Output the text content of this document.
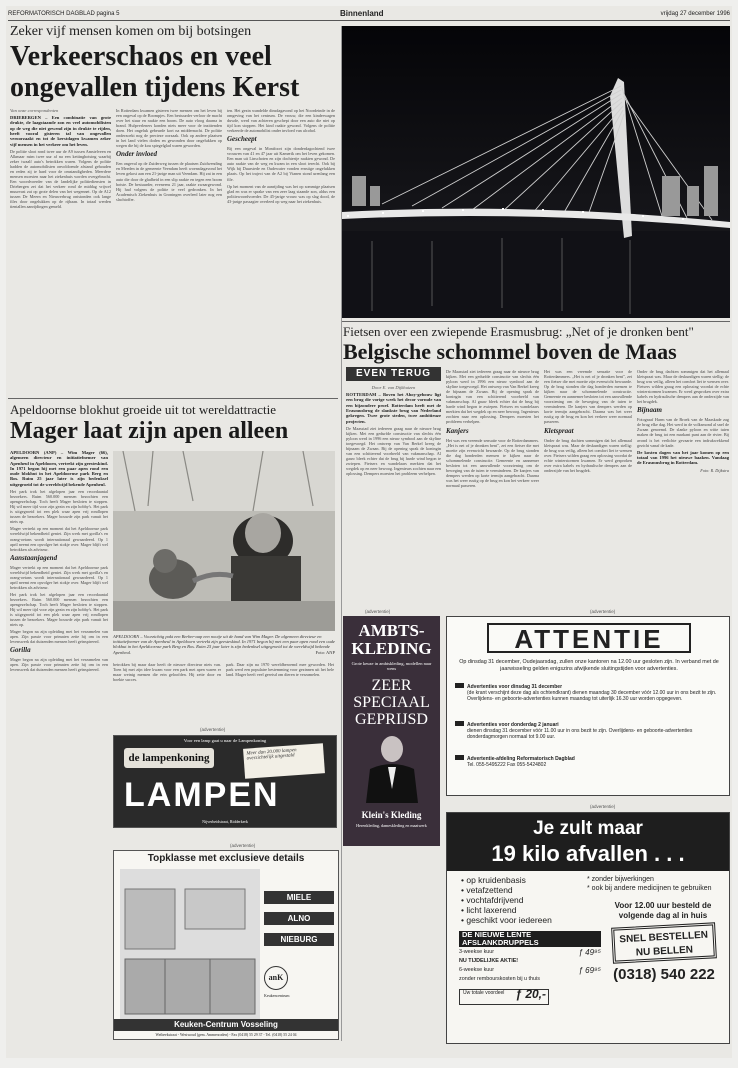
REFORMATORISCH DAGBLAD pagina 5	Binnenland	vrijdag 27 december 1996
Zeker vijf mensen komen om bij botsingen
Verkeerschaos en veel
ongevallen tijdens Kerst
Van onze correspondenten

DRIEBERGEN – Een combinatie van grote drukte, de laagstaande zon en veel automobilisten op de weg die niet gewend zijn in drukte te rijden, heeft vooral gisteren tal van ongevallen veroorzaakt en tot de kerstdagen kwamen zeker vijf mensen in het verkeer om het leven.

De politie sloot rond twee uur de A9 tussen Amstelveen en Alkmaar ruim twee uur af na een kettingbotsing waarbij zeker twaalf auto's betrokken waren. Volgens de politie hadden de automobilisten onvoldoende afstand gehouden en reden zij te hard voor de omstandigheden. Meerdere mensen moesten naar het ziekenhuis worden overgebracht. Een woordvoerder van de landelijke politiediensten in Driebergen zei dat het verkeer rond de middag vrijwel muurvast zat op grote delen van het wegennet. Op de A12 tussen De Meern en Nieuwerbrug ontstonden ook lange files door ongelukken op de rijbaan. In totaal werden tientallen aanrijdingen gemeld.

In Rotterdam kwamen gisteren twee mensen om het leven bij een ongeval op de Boompjes. Een bestuurder verloor de macht over het stuur en raakte een boom. De auto vloog daarna in brand. Hulpverleners konden niets meer voor de inzittenden doen. Het ongeluk gebeurde kort na middernacht. De politie onderzoekt nog de precieze oorzaak. Ook op andere plaatsen in het land vielen doden en gewonden door ongelukken op wegen die bij de kou spiegelglad waren geworden.

Onder invloed

Een ongeval op de Zuiderweg tussen de plaatsen Zuidwending en Meeden in de gemeente Veendam heeft woensdagavond het leven gekost aan een 21-jarige man uit Veendam. Hij zat in een auto die door de gladheid in een slip raakte en tegen een boom botste. De bestuurder, eveneens 21 jaar, raakte zwaargewond. Hij had volgens de politie te veel gedronken. In het Academisch Ziekenhuis in Groningen overleed later nog een slachtoffer.

ten. Het gezin wandelde dinsdagavond op het Noordeinde in de omgeving van het centrum. De vrouw, die een kinderwagen duwde, werd van achteren geschept door een auto die niet op tijd kon stoppen. Het kind raakte gewond. Volgens de politie verkeerde de automobilist onder invloed van alcohol.

Gescheept

Bij een ongeval in Montfoort zijn donderdagochtend twee vrouwen van 41 en 47 jaar uit Kamerik om het leven gekomen. Een man uit Linschoten en zijn dochtertje raakten gewond. De auto raakte van de weg en kwam in een sloot terecht. Ook bij Wijk bij Duurstede en Oudewater vonden ernstige ongelukken plaats. Op het traject van de A2 bij Vianen stond urenlang een file.

Op het moment van de aanrijding was het op sommige plaatsen glad en was er sprake van een zeer laag staande zon, aldus een politiewoordvoerder. De 45-jarige vrouw was op slag dood, de 43-jarige passagier overleed op weg naar het ziekenhuis.

Fietsen over een zwiepende Erasmusbrug: „Net of je dronken bent"
Belgische schommel boven de Maas
EVEN TERUG
Door E. van Dijkhuizen

ROTTERDAM – Boven het Ahoy-gebouw ligt een brug die vorige week het decor vormde van een bijzondere proef. Rotterdam heeft met de Erasmusbrug de slankste brug van Nederland gekregen. Twee grote steden, twee ambitieuze projecten.

De Maasstad ziet iedereen graag naar de nieuwe brug kijken. Met een gedurfde constructie van slechts één pyloon werd in 1996 een nieuw symbool aan de skyline toegevoegd. Het ontwerp van Van Berkel kreeg de bijnaam de Zwaan. Bij de opening sprak de koningin van een schitterend voorbeeld van vakmanschap. Al gauw bleek echter dat de brug bij harde wind begon te zwiepen. Fietsers en wandelaars merkten dat het wegdek op en neer bewoog. Ingenieurs zochten naar een oplossing. Dempers moesten het probleem verhelpen.

De Maasstad ziet iedereen graag naar de nieuwe brug kijken. Met een gedurfde constructie van slechts één pyloon werd in 1996 een nieuw symbool aan de skyline toegevoegd. Het ontwerp van Van Berkel kreeg de bijnaam de Zwaan. Bij de opening sprak de koningin van een schitterend voorbeeld van vakmanschap. Al gauw bleek echter dat de brug bij harde wind begon te zwiepen. Fietsers en wandelaars merkten dat het wegdek op en neer bewoog. Ingenieurs zochten naar een oplossing. Dempers moesten het probleem verhelpen.

Kanjers

Het was een vreemde sensatie voor de Rotterdammers. „Het is net of je dronken bent", zei een fietser die met moeite zijn evenwicht bewaarde. Op de brug stonden die dag honderden mensen te kijken naar de schommelende constructie. Gemeente en aannemer besloten tot een aanvullende voorziening om de beweging van de tuien te verminderen. De kanjers van dempers werden op korte termijn aangebracht. Daarna was het weer rustig op de brug en kon het verkeer weer normaal passeren.

Het was een vreemde sensatie voor de Rotterdammers. „Het is net of je dronken bent", zei een fietser die met moeite zijn evenwicht bewaarde. Op de brug stonden die dag honderden mensen te kijken naar de schommelende constructie. Gemeente en aannemer besloten tot een aanvullende voorziening om de beweging van de tuien te verminderen. De kanjers van dempers werden op korte termijn aangebracht. Daarna was het weer rustig op de brug en kon het verkeer weer normaal passeren.

Kletspraat

Onder de brug dachten sommigen dat het allemaal kletspraat was. Maar de deskundigen waren stellig: de brug was veilig, alleen het comfort liet te wensen over. Fietsers wilden graag een oplossing voordat de echte winterstormen kwamen. Er werd gesproken over extra kabels en hydraulische dempers aan de onderzijde van het brugdek.

Onder de brug dachten sommigen dat het allemaal kletspraat was. Maar de deskundigen waren stellig: de brug was veilig, alleen het comfort liet te wensen over. Fietsers wilden graag een oplossing voordat de echte winterstormen kwamen. Er werd gesproken over extra kabels en hydraulische dempers aan de onderzijde van het brugdek.

Bijnaam

Fotograaf Harm van de Broek van de Maaskade zag de brug elke dag. Het werd in de volksmond al snel de Zwaan genoemd. De slanke pyloon en witte tuien maken de brug tot een markant punt aan de rivier. Bij avond is het verlichte gevaarte een indrukwekkend gezicht vanaf de kade.

De kosten dagen van het jaar komen op een totaal van 1996 het nieuwe baaken. Vandaag de Erasmusbrug in Rotterdam.

Foto: R. Dijkstra

Apeldoornse blokhut groeide uit tot wereldattractie
Mager laat zijn apen alleen

APELDOORN (ANP) – Wim Mager (66), algemeen directeur en initiatiefnemer van Apenheul in Apeldoorn, vertrekt zijn geesteskind. In 1971 begon hij met een paar apen rond een oude blokhut in het Apeldoornse park Berg en Bos. Ruim 25 jaar later is zijn bedenksel uitgegroeid tot de wereldwijd bekende Apenheul.

Het park trok het afgelopen jaar een recordaantal bezoekers. Ruim 560.000 mensen bezochten een apengezelschap. Toch heeft Mager besloten te stoppen. Hij wil meer tijd voor zijn gezin en zijn hobby's. Het park is uitgegroeid tot een plek waar apen vrij rondlopen tussen de bezoekers. Mager bouwde zijn park vanuit het niets op.

Mager vertrekt op een moment dat het Apeldoornse park wereldwijd bekendheid geniet. Zijn werk met gorilla's en orang-oetans wordt internationaal gewaardeerd. Op 1 april neemt een opvolger het stokje over. Mager blijft wel betrokken als adviseur.

Aanstaanjagend

Mager vertrekt op een moment dat het Apeldoornse park wereldwijd bekendheid geniet. Zijn werk met gorilla's en orang-oetans wordt internationaal gewaardeerd. Op 1 april neemt een opvolger het stokje over. Mager blijft wel betrokken als adviseur.

Het park trok het afgelopen jaar een recordaantal bezoekers. Ruim 560.000 mensen bezochten een apengezelschap. Toch heeft Mager besloten te stoppen. Hij wil meer tijd voor zijn gezin en zijn hobby's. Het park is uitgegroeid tot een plek waar apen vrij rondlopen tussen de bezoekers. Mager bouwde zijn park vanuit het niets op.

Mager begon na zijn opleiding met het verzamelen van apen. Zijn passie voor primaten zette hij om in een levenswerk dat duizenden mensen heeft geïnspireerd.

Gorilla

Mager begon na zijn opleiding met het verzamelen van apen. Zijn passie voor primaten zette hij om in een levenswerk dat duizenden mensen heeft geïnspireerd.

APELDOORN – Voorzichtig pakt een Berber-aap een nootje uit de hand van Wim Mager. De algemeen directeur en initiatiefnemer van de Apenheul in Apeldoorn vertrekt zijn geesteskind. In 1971 begon hij met een paar apen rond een oude blokhut in het Apeldoornse park Berg en Bos. Ruim 25 jaar later is zijn bedenksel uitgegroeid tot de wereldwijd bekende Apenheul.	Foto: ANP

betrokken bij maar daar heeft de nieuwe directeur niets van. Toen hij met zijn idee kwam voor een park met apen waren er maar weinig mensen die erin geloofden. Hij zette door en boekte succes.

park. Daar zijn na 1970 wereldberoemd mee geworden. Het park werd een populaire bestemming voor gezinnen uit het hele land. Mager heeft veel gereisd om dieren te verzamelen.

(advertentie)
AMBTS-
KLEDING
Grote keuze in ambtskleding, modellen naar wens
ZEER
SPECIAAL
GEPRIJSD
Klein's Kleding
Herenkleding, dameskleding en maatwerk
(advertentie)
Voor een lamp gaat u naar de Lampenkoning
de lampenkoning	Meer dan 20.000 lampen overzichtelijk uitgestald
LAMPEN
Nijverheidstraat, Ridderkerk
(advertentie)
Topklasse met exclusieve details
MIELE
ALNO
NIEBURG
anK
Keukencentrum
Keuken-Centrum Vosseling
Weibeekstraat - Westwoud (gem. Ammerzoden) - Fax (0418) 55 29 37 - Tel. (0418) 55 24 04
(advertentie)
ATTENTIE
Op dinsdag 31 december, Oudejaarsdag, zullen onze kantoren na 12.00 uur gesloten zijn. In verband met de jaarwisseling gelden enigszins afwijkende sluitingstijden voor advertenties.
Advertenties voor dinsdag 31 december
(de krant verschijnt deze dag als ochtendkrant) dienen maandag 30 december vóór 12.00 uur in ons bezit te zijn. Overlijdens- en geboorte-advertenties kunnen maandag tot uiterlijk 16.30 uur worden opgegeven.
Advertenties voor donderdag 2 januari
dienen dinsdag 31 december vóór 11.00 uur in ons bezit te zijn. Overlijdens- en geboorte-advertenties donderdagmorgen normaal tot 9.00 uur.
Advertentie-afdeling Reformatorisch Dagblad
Tel. 055-5495222 Fax 055-5424802
(advertentie)
Je zult maar
19 kilo afvallen . . .
• op kruidenbasis
• vetafzettend
• vochtafdrijvend
• licht laxerend
• geschikt voor iedereen
* zonder bijwerkingen
* ook bij andere medicijnen te gebruiken
Voor 12.00 uur besteld de volgende dag al in huis
SNEL BESTELLEN
NU BELLEN
(0318) 540 222
DE NIEUWE LENTE
AFSLANKDRUPPELS
3-weekse kuur	ƒ 49⁹⁵
NU TIJDELIJKE AKTIE!
6-weekse kuur	ƒ 69⁹⁵
zonder rembourskosten bij u thuis
Uw totale voordeel ƒ 20,-
